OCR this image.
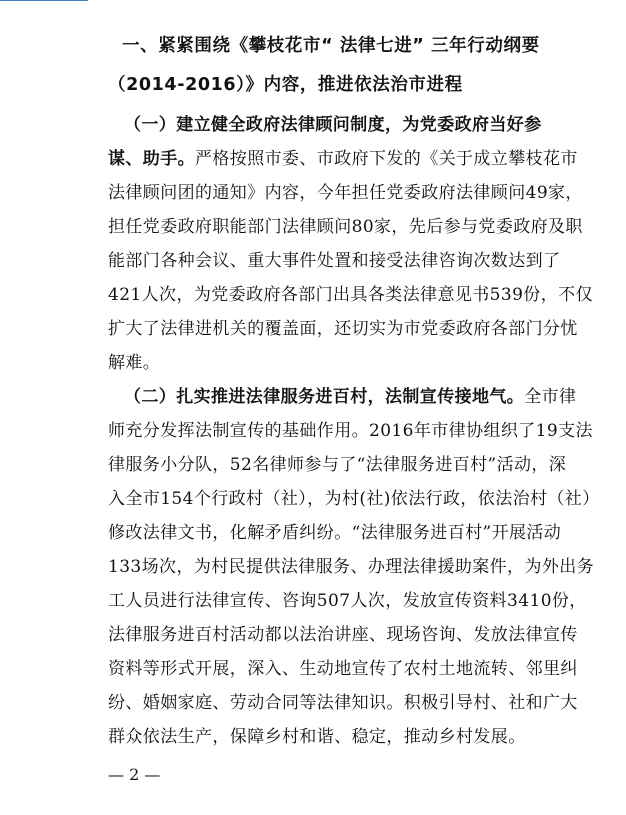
一、紧紧围绕《攀枝花市“ 法律七进” 三年行动纲要
（2014-2016）》内容，推进依法治市进程
（一）建立健全政府法律顾问制度，为党委政府当好参
谋、助手。严格按照市委、市政府下发的《关于成立攀枝花市
法律顾问团的通知》内容，今年担任党委政府法律顾问49家，
担任党委政府职能部门法律顾问80家，先后参与党委政府及职
能部门各种会议、重大事件处置和接受法律咨询次数达到了
421人次，为党委政府各部门出具各类法律意见书539份，不仅
扩大了法律进机关的覆盖面，还切实为市党委政府各部门分忧
解难。
（二）扎实推进法律服务进百村，法制宣传接地气。全市律
师充分发挥法制宣传的基础作用。2016年市律协组织了19支法
律服务小分队，52名律师参与了“法律服务进百村”活动，深
入全市154个行政村（社），为村(社)依法行政，依法治村（社）
修改法律文书，化解矛盾纠纷。“法律服务进百村”开展活动
133场次，为村民提供法律服务、办理法律援助案件，为外出务
工人员进行法律宣传、咨询507人次，发放宣传资料3410份，
法律服务进百村活动都以法治讲座、现场咨询、发放法律宣传
资料等形式开展，深入、生动地宣传了农村土地流转、邻里纠
纷、婚姻家庭、劳动合同等法律知识。积极引导村、社和广大
群众依法生产，保障乡村和谐、稳定，推动乡村发展。
— 2 —
